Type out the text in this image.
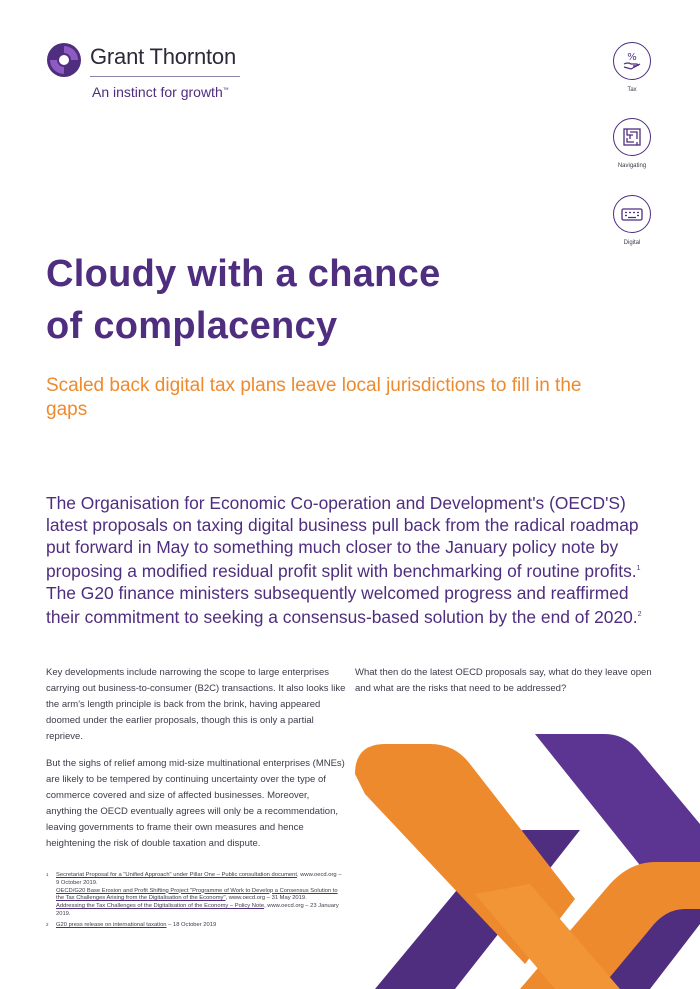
Grant Thornton
An instinct for growth™
%
Tax
Navigating
Digital
Cloudy with a chance
of complacency
Scaled back digital tax plans leave local jurisdictions to fill in the gaps
The Organisation for Economic Co-operation and Development's (OECD'S) latest proposals on taxing digital business pull back from the radical roadmap put forward in May to something much closer to the January policy note by proposing a modified residual profit split with benchmarking of routine profits.$^1$ The G20 finance ministers subsequently welcomed progress and reaffirmed their commitment to seeking a consensus-based solution by the end of 2020.$^2$

Key developments include narrowing the scope to large enterprises carrying out business-to-consumer (B2C) transactions. It also looks like the arm's length principle is back from the brink, having appeared doomed under the earlier proposals, though this is only a partial reprieve.

But the sighs of relief among mid-size multinational enterprises (MNEs) are likely to be tempered by continuing uncertainty over the type of commerce covered and size of affected businesses. Moreover, anything the OECD eventually agrees will only be a recommendation, leaving governments to frame their own measures and hence heightening the risk of double taxation and dispute.

What then do the latest OECD proposals say, what do they leave open and what are the risks that need to be addressed?

1 Secretariat Proposal for a "Unified Approach" under Pillar One – Public consultation document, www.oecd.org – 9 October 2019.
OECD/G20 Base Erosion and Profit Shifting Project "Programme of Work to Develop a Consensus Solution to the Tax Challenges Arising from the Digitalisation of the Economy", www.oecd.org – 31 May 2019.
Addressing the Tax Challenges of the Digitalisation of the Economy – Policy Note, www.oecd.org – 23 January 2019.
2 G20 press release on international taxation – 18 October 2019
